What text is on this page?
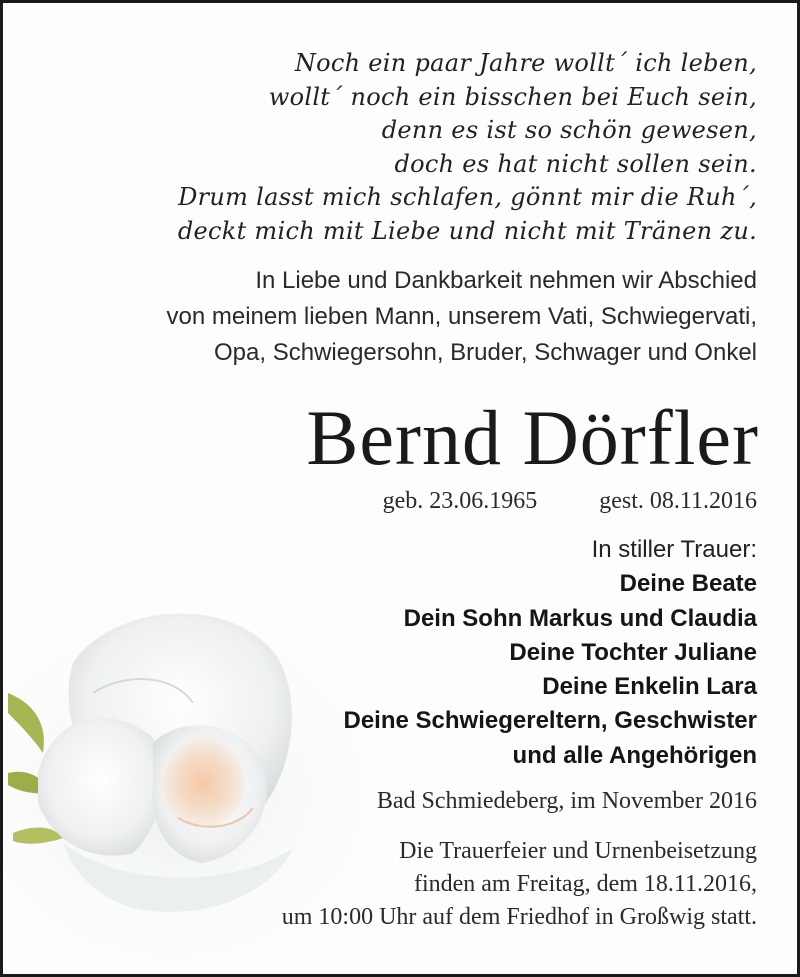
Noch ein paar Jahre wollt´ ich leben,
wollt´ noch ein bisschen bei Euch sein,
denn es ist so schön gewesen,
doch es hat nicht sollen sein.
Drum lasst mich schlafen, gönnt mir die Ruh´,
deckt mich mit Liebe und nicht mit Tränen zu.
In Liebe und Dankbarkeit nehmen wir Abschied
von meinem lieben Mann, unserem Vati, Schwiegervati,
Opa, Schwiegersohn, Bruder, Schwager und Onkel
Bernd Dörfler
geb. 23.06.1965	gest. 08.11.2016
In stiller Trauer:
Deine Beate
Dein Sohn Markus und Claudia
Deine Tochter Juliane
Deine Enkelin Lara
Deine Schwiegereltern, Geschwister
und alle Angehörigen
Bad Schmiedeberg, im November 2016
Die Trauerfeier und Urnenbeisetzung
finden am Freitag, dem 18.11.2016,
um 10:00 Uhr auf dem Friedhof in Großwig statt.
